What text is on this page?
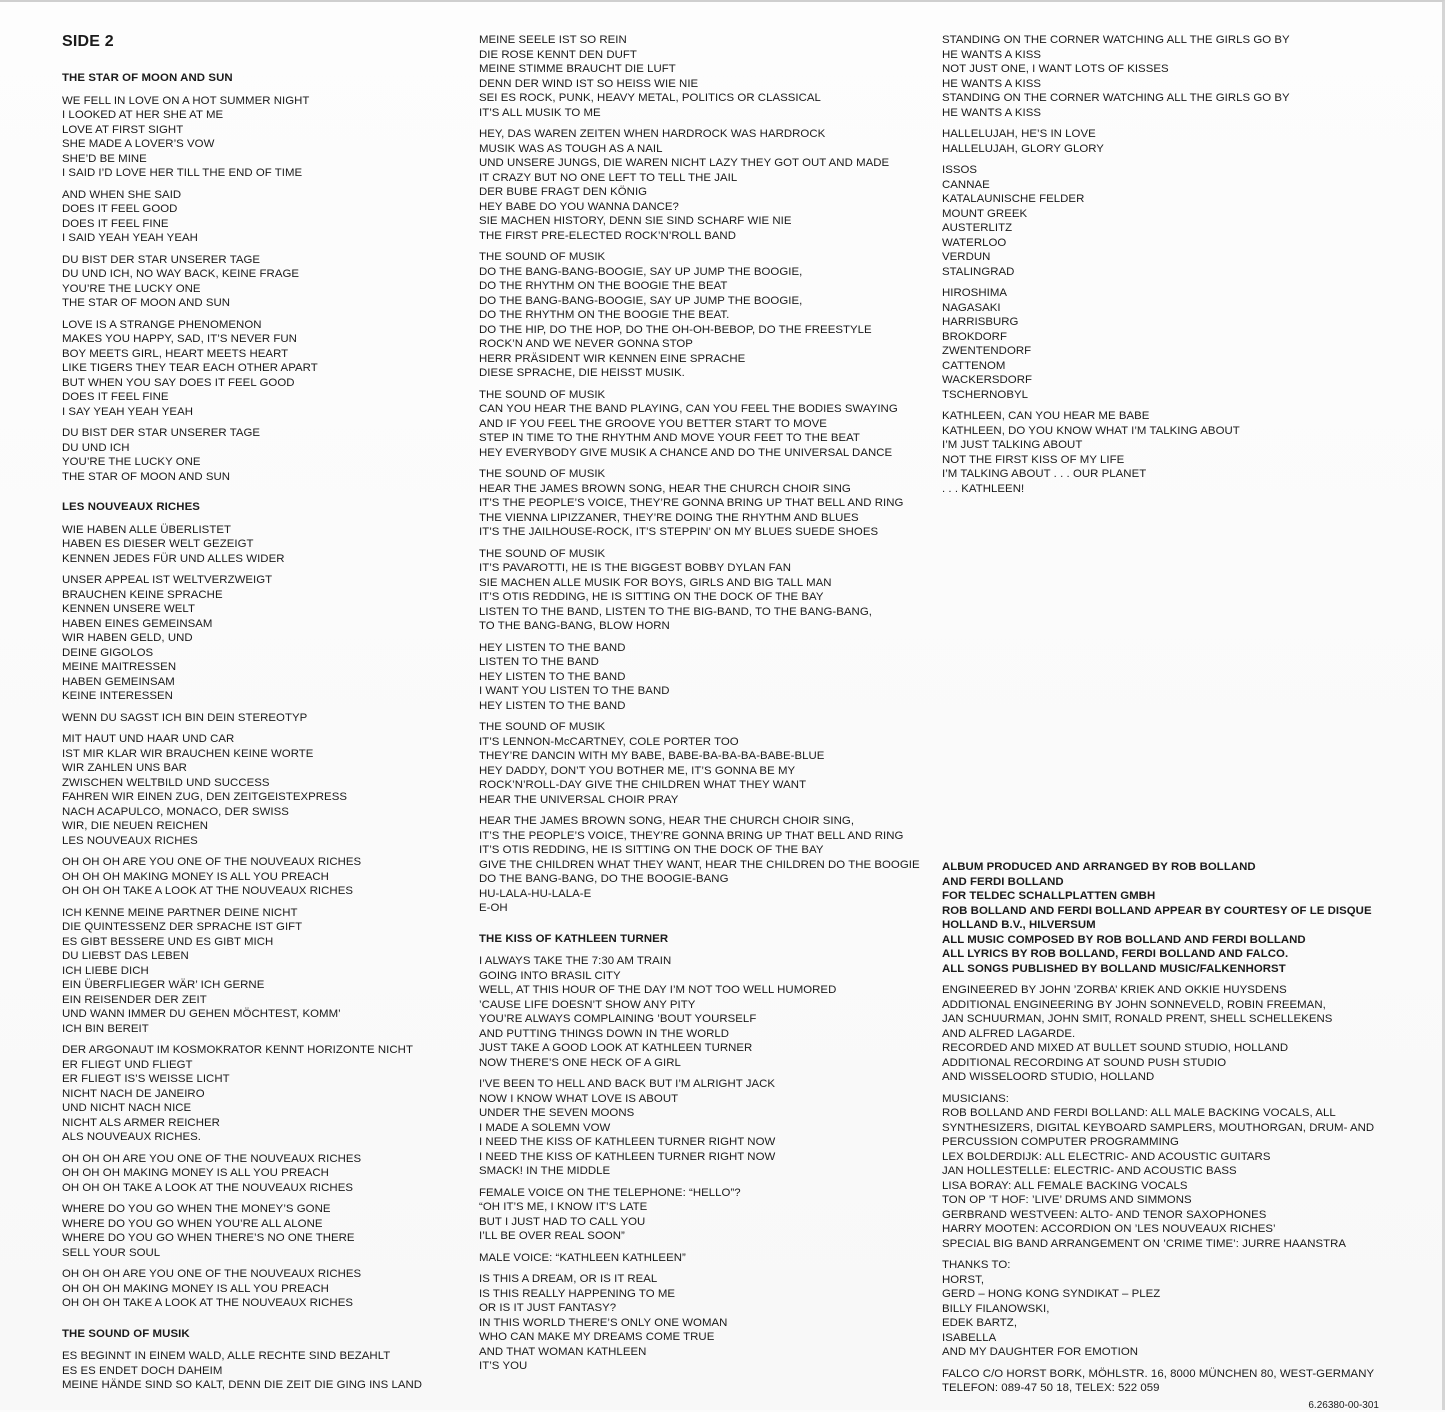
SIDE 2
THE STAR OF MOON AND SUN
WE FELL IN LOVE ON A HOT SUMMER NIGHT
I LOOKED AT HER SHE AT ME
LOVE AT FIRST SIGHT
SHE MADE A LOVER’S VOW
SHE’D BE MINE
I SAID I’D LOVE HER TILL THE END OF TIME
AND WHEN SHE SAID
DOES IT FEEL GOOD
DOES IT FEEL FINE
I SAID YEAH YEAH YEAH
DU BIST DER STAR UNSERER TAGE
DU UND ICH, NO WAY BACK, KEINE FRAGE
YOU’RE THE LUCKY ONE
THE STAR OF MOON AND SUN
LOVE IS A STRANGE PHENOMENON
MAKES YOU HAPPY, SAD, IT’S NEVER FUN
BOY MEETS GIRL, HEART MEETS HEART
LIKE TIGERS THEY TEAR EACH OTHER APART
BUT WHEN YOU SAY DOES IT FEEL GOOD
DOES IT FEEL FINE
I SAY YEAH YEAH YEAH
DU BIST DER STAR UNSERER TAGE
DU UND ICH
YOU’RE THE LUCKY ONE
THE STAR OF MOON AND SUN
LES NOUVEAUX RICHES
WIE HABEN ALLE ÜBERLISTET
HABEN ES DIESER WELT GEZEIGT
KENNEN JEDES FÜR UND ALLES WIDER
UNSER APPEAL IST WELTVERZWEIGT
BRAUCHEN KEINE SPRACHE
KENNEN UNSERE WELT
HABEN EINES GEMEINSAM
WIR HABEN GELD, UND
DEINE GIGOLOS
MEINE MAITRESSEN
HABEN GEMEINSAM
KEINE INTERESSEN
WENN DU SAGST ICH BIN DEIN STEREOTYP
MIT HAUT UND HAAR UND CAR
IST MIR KLAR WIR BRAUCHEN KEINE WORTE
WIR ZAHLEN UNS BAR
ZWISCHEN WELTBILD UND SUCCESS
FAHREN WIR EINEN ZUG, DEN ZEITGEISTEXPRESS
NACH ACAPULCO, MONACO, DER SWISS
WIR, DIE NEUEN REICHEN
LES NOUVEAUX RICHES
OH OH OH ARE YOU ONE OF THE NOUVEAUX RICHES
OH OH OH MAKING MONEY IS ALL YOU PREACH
OH OH OH TAKE A LOOK AT THE NOUVEAUX RICHES
ICH KENNE MEINE PARTNER DEINE NICHT
DIE QUINTESSENZ DER SPRACHE IST GIFT
ES GIBT BESSERE UND ES GIBT MICH
DU LIEBST DAS LEBEN
ICH LIEBE DICH
EIN ÜBERFLIEGER WÄR’ ICH GERNE
EIN REISENDER DER ZEIT
UND WANN IMMER DU GEHEN MÖCHTEST, KOMM’
ICH BIN BEREIT
DER ARGONAUT IM KOSMOKRATOR KENNT HORIZONTE NICHT
ER FLIEGT UND FLIEGT
ER FLIEGT IS’S WEISSE LICHT
NICHT NACH DE JANEIRO
UND NICHT NACH NICE
NICHT ALS ARMER REICHER
ALS NOUVEAUX RICHES.
OH OH OH ARE YOU ONE OF THE NOUVEAUX RICHES
OH OH OH MAKING MONEY IS ALL YOU PREACH
OH OH OH TAKE A LOOK AT THE NOUVEAUX RICHES
WHERE DO YOU GO WHEN THE MONEY’S GONE
WHERE DO YOU GO WHEN YOU’RE ALL ALONE
WHERE DO YOU GO WHEN THERE’S NO ONE THERE
SELL YOUR SOUL
OH OH OH ARE YOU ONE OF THE NOUVEAUX RICHES
OH OH OH MAKING MONEY IS ALL YOU PREACH
OH OH OH TAKE A LOOK AT THE NOUVEAUX RICHES
THE SOUND OF MUSIK
ES BEGINNT IN EINEM WALD, ALLE RECHTE SIND BEZAHLT
ES ES ENDET DOCH DAHEIM
MEINE HÄNDE SIND SO KALT, DENN DIE ZEIT DIE GING INS LAND
MEINE SEELE IST SO REIN
DIE ROSE KENNT DEN DUFT
MEINE STIMME BRAUCHT DIE LUFT
DENN DER WIND IST SO HEISS WIE NIE
SEI ES ROCK, PUNK, HEAVY METAL, POLITICS OR CLASSICAL
IT’S ALL MUSIK TO ME
HEY, DAS WAREN ZEITEN WHEN HARDROCK WAS HARDROCK
MUSIK WAS AS TOUGH AS A NAIL
UND UNSERE JUNGS, DIE WAREN NICHT LAZY THEY GOT OUT AND MADE
IT CRAZY BUT NO ONE LEFT TO TELL THE JAIL
DER BUBE FRAGT DEN KÖNIG
HEY BABE DO YOU WANNA DANCE?
SIE MACHEN HISTORY, DENN SIE SIND SCHARF WIE NIE
THE FIRST PRE-ELECTED ROCK’N’ROLL BAND
THE SOUND OF MUSIK
DO THE BANG-BANG-BOOGIE, SAY UP JUMP THE BOOGIE,
DO THE RHYTHM ON THE BOOGIE THE BEAT
DO THE BANG-BANG-BOOGIE, SAY UP JUMP THE BOOGIE,
DO THE RHYTHM ON THE BOOGIE THE BEAT.
DO THE HIP, DO THE HOP, DO THE OH-OH-BEBOP, DO THE FREESTYLE
ROCK’N AND WE NEVER GONNA STOP
HERR PRÄSIDENT WIR KENNEN EINE SPRACHE
DIESE SPRACHE, DIE HEISST MUSIK.
THE SOUND OF MUSIK
CAN YOU HEAR THE BAND PLAYING, CAN YOU FEEL THE BODIES SWAYING
AND IF YOU FEEL THE GROOVE YOU BETTER START TO MOVE
STEP IN TIME TO THE RHYTHM AND MOVE YOUR FEET TO THE BEAT
HEY EVERYBODY GIVE MUSIK A CHANCE AND DO THE UNIVERSAL DANCE
THE SOUND OF MUSIK
HEAR THE JAMES BROWN SONG, HEAR THE CHURCH CHOIR SING
IT’S THE PEOPLE’S VOICE, THEY’RE GONNA BRING UP THAT BELL AND RING
THE VIENNA LIPIZZANER, THEY’RE DOING THE RHYTHM AND BLUES
IT’S THE JAILHOUSE-ROCK, IT’S STEPPIN’ ON MY BLUES SUEDE SHOES
THE SOUND OF MUSIK
IT’S PAVAROTTI, HE IS THE BIGGEST BOBBY DYLAN FAN
SIE MACHEN ALLE MUSIK FOR BOYS, GIRLS AND BIG TALL MAN
IT’S OTIS REDDING, HE IS SITTING ON THE DOCK OF THE BAY
LISTEN TO THE BAND, LISTEN TO THE BIG-BAND, TO THE BANG-BANG,
TO THE BANG-BANG, BLOW HORN
HEY LISTEN TO THE BAND
LISTEN TO THE BAND
HEY LISTEN TO THE BAND
I WANT YOU LISTEN TO THE BAND
HEY LISTEN TO THE BAND
THE SOUND OF MUSIK
IT’S LENNON-McCARTNEY, COLE PORTER TOO
THEY’RE DANCIN WITH MY BABE, BABE-BA-BA-BA-BABE-BLUE
HEY DADDY, DON’T YOU BOTHER ME, IT’S GONNA BE MY
ROCK’N’ROLL-DAY GIVE THE CHILDREN WHAT THEY WANT
HEAR THE UNIVERSAL CHOIR PRAY
HEAR THE JAMES BROWN SONG, HEAR THE CHURCH CHOIR SING,
IT’S THE PEOPLE’S VOICE, THEY’RE GONNA BRING UP THAT BELL AND RING
IT’S OTIS REDDING, HE IS SITTING ON THE DOCK OF THE BAY
GIVE THE CHILDREN WHAT THEY WANT, HEAR THE CHILDREN DO THE BOOGIE
DO THE BANG-BANG, DO THE BOOGIE-BANG
HU-LALA-HU-LALA-E
E-OH
THE KISS OF KATHLEEN TURNER
I ALWAYS TAKE THE 7:30 AM TRAIN
GOING INTO BRASIL CITY
WELL, AT THIS HOUR OF THE DAY I’M NOT TOO WELL HUMORED
’CAUSE LIFE DOESN’T SHOW ANY PITY
YOU’RE ALWAYS COMPLAINING ’BOUT YOURSELF
AND PUTTING THINGS DOWN IN THE WORLD
JUST TAKE A GOOD LOOK AT KATHLEEN TURNER
NOW THERE’S ONE HECK OF A GIRL
I’VE BEEN TO HELL AND BACK BUT I’M ALRIGHT JACK
NOW I KNOW WHAT LOVE IS ABOUT
UNDER THE SEVEN MOONS
I MADE A SOLEMN VOW
I NEED THE KISS OF KATHLEEN TURNER RIGHT NOW
I NEED THE KISS OF KATHLEEN TURNER RIGHT NOW
SMACK! IN THE MIDDLE
FEMALE VOICE ON THE TELEPHONE: “HELLO”?
“OH IT’S ME, I KNOW IT’S LATE
BUT I JUST HAD TO CALL YOU
I’LL BE OVER REAL SOON”
MALE VOICE: “KATHLEEN KATHLEEN”
IS THIS A DREAM, OR IS IT REAL
IS THIS REALLY HAPPENING TO ME
OR IS IT JUST FANTASY?
IN THIS WORLD THERE’S ONLY ONE WOMAN
WHO CAN MAKE MY DREAMS COME TRUE
AND THAT WOMAN KATHLEEN
IT’S YOU
STANDING ON THE CORNER WATCHING ALL THE GIRLS GO BY
HE WANTS A KISS
NOT JUST ONE, I WANT LOTS OF KISSES
HE WANTS A KISS
STANDING ON THE CORNER WATCHING ALL THE GIRLS GO BY
HE WANTS A KISS
HALLELUJAH, HE’S IN LOVE
HALLELUJAH, GLORY GLORY
ISSOS
CANNAE
KATALAUNISCHE FELDER
MOUNT GREEK
AUSTERLITZ
WATERLOO
VERDUN
STALINGRAD
HIROSHIMA
NAGASAKI
HARRISBURG
BROKDORF
ZWENTENDORF
CATTENOM
WACKERSDORF
TSCHERNOBYL
KATHLEEN, CAN YOU HEAR ME BABE
KATHLEEN, DO YOU KNOW WHAT I’M TALKING ABOUT
I’M JUST TALKING ABOUT
NOT THE FIRST KISS OF MY LIFE
I’M TALKING ABOUT . . . OUR PLANET
. . . KATHLEEN!
ALBUM PRODUCED AND ARRANGED BY ROB BOLLAND
AND FERDI BOLLAND
FOR TELDEC SCHALLPLATTEN GMBH
ROB BOLLAND AND FERDI BOLLAND APPEAR BY COURTESY OF LE DISQUE
HOLLAND B.V., HILVERSUM
ALL MUSIC COMPOSED BY ROB BOLLAND AND FERDI BOLLAND
ALL LYRICS BY ROB BOLLAND, FERDI BOLLAND AND FALCO.
ALL SONGS PUBLISHED BY BOLLAND MUSIC/FALKENHORST
ENGINEERED BY JOHN ’ZORBA’ KRIEK AND OKKIE HUYSDENS
ADDITIONAL ENGINEERING BY JOHN SONNEVELD, ROBIN FREEMAN,
JAN SCHUURMAN, JOHN SMIT, RONALD PRENT, SHELL SCHELLEKENS
AND ALFRED LAGARDE.
RECORDED AND MIXED AT BULLET SOUND STUDIO, HOLLAND
ADDITIONAL RECORDING AT SOUND PUSH STUDIO
AND WISSELOORD STUDIO, HOLLAND
MUSICIANS:
ROB BOLLAND AND FERDI BOLLAND: ALL MALE BACKING VOCALS, ALL
SYNTHESIZERS, DIGITAL KEYBOARD SAMPLERS, MOUTHORGAN, DRUM- AND
PERCUSSION COMPUTER PROGRAMMING
LEX BOLDERDIJK: ALL ELECTRIC- AND ACOUSTIC GUITARS
JAN HOLLESTELLE: ELECTRIC- AND ACOUSTIC BASS
LISA BORAY: ALL FEMALE BACKING VOCALS
TON OP ’T HOF: ’LIVE’ DRUMS AND SIMMONS
GERBRAND WESTVEEN: ALTO- AND TENOR SAXOPHONES
HARRY MOOTEN: ACCORDION ON ’LES NOUVEAUX RICHES’
SPECIAL BIG BAND ARRANGEMENT ON ’CRIME TIME’: JURRE HAANSTRA
THANKS TO:
HORST,
GERD – HONG KONG SYNDIKAT – PLEZ
BILLY FILANOWSKI,
EDEK BARTZ,
ISABELLA
AND MY DAUGHTER FOR EMOTION
FALCO C/O HORST BORK, MÖHLSTR. 16, 8000 MÜNCHEN 80, WEST-GERMANY
TELEFON: 089-47 50 18, TELEX: 522 059
6.26380-00-301
